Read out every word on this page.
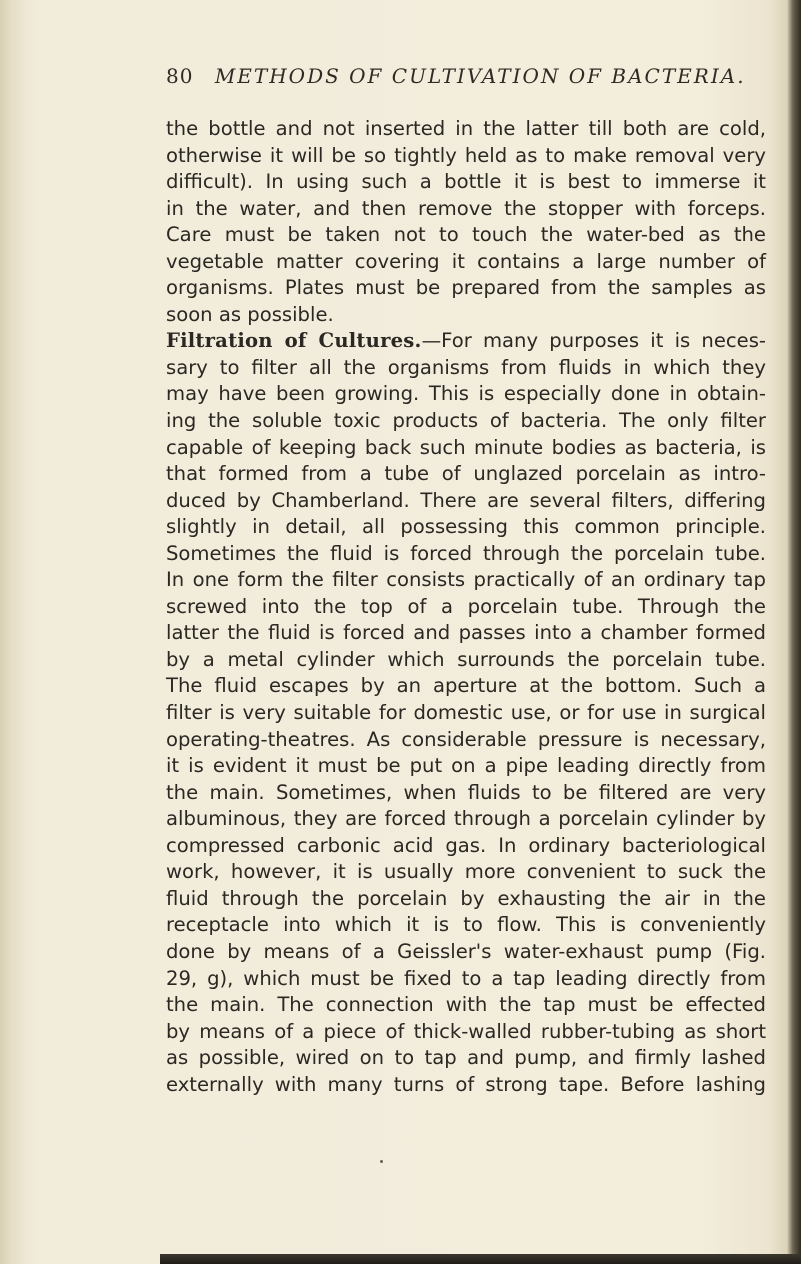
80 METHODS OF CULTIVATION OF BACTERIA.
the bottle and not inserted in the latter till both are cold,
otherwise it will be so tightly held as to make removal very
difficult). In using such a bottle it is best to immerse it
in the water, and then remove the stopper with forceps.
Care must be taken not to touch the water-bed as the
vegetable matter covering it contains a large number of
organisms. Plates must be prepared from the samples as
soon as possible.
Filtration of Cultures.—For many purposes it is neces-
sary to filter all the organisms from fluids in which they
may have been growing. This is especially done in obtain-
ing the soluble toxic products of bacteria. The only filter
capable of keeping back such minute bodies as bacteria, is
that formed from a tube of unglazed porcelain as intro-
duced by Chamberland. There are several filters, differing
slightly in detail, all possessing this common principle.
Sometimes the fluid is forced through the porcelain tube.
In one form the filter consists practically of an ordinary tap
screwed into the top of a porcelain tube. Through the
latter the fluid is forced and passes into a chamber formed
by a metal cylinder which surrounds the porcelain tube.
The fluid escapes by an aperture at the bottom. Such a
filter is very suitable for domestic use, or for use in surgical
operating-theatres. As considerable pressure is necessary,
it is evident it must be put on a pipe leading directly from
the main. Sometimes, when fluids to be filtered are very
albuminous, they are forced through a porcelain cylinder by
compressed carbonic acid gas. In ordinary bacteriological
work, however, it is usually more convenient to suck the
fluid through the porcelain by exhausting the air in the
receptacle into which it is to flow. This is conveniently
done by means of a Geissler's water-exhaust pump (Fig.
29, g), which must be fixed to a tap leading directly from
the main. The connection with the tap must be effected
by means of a piece of thick-walled rubber-tubing as short
as possible, wired on to tap and pump, and firmly lashed
externally with many turns of strong tape. Before lashing
